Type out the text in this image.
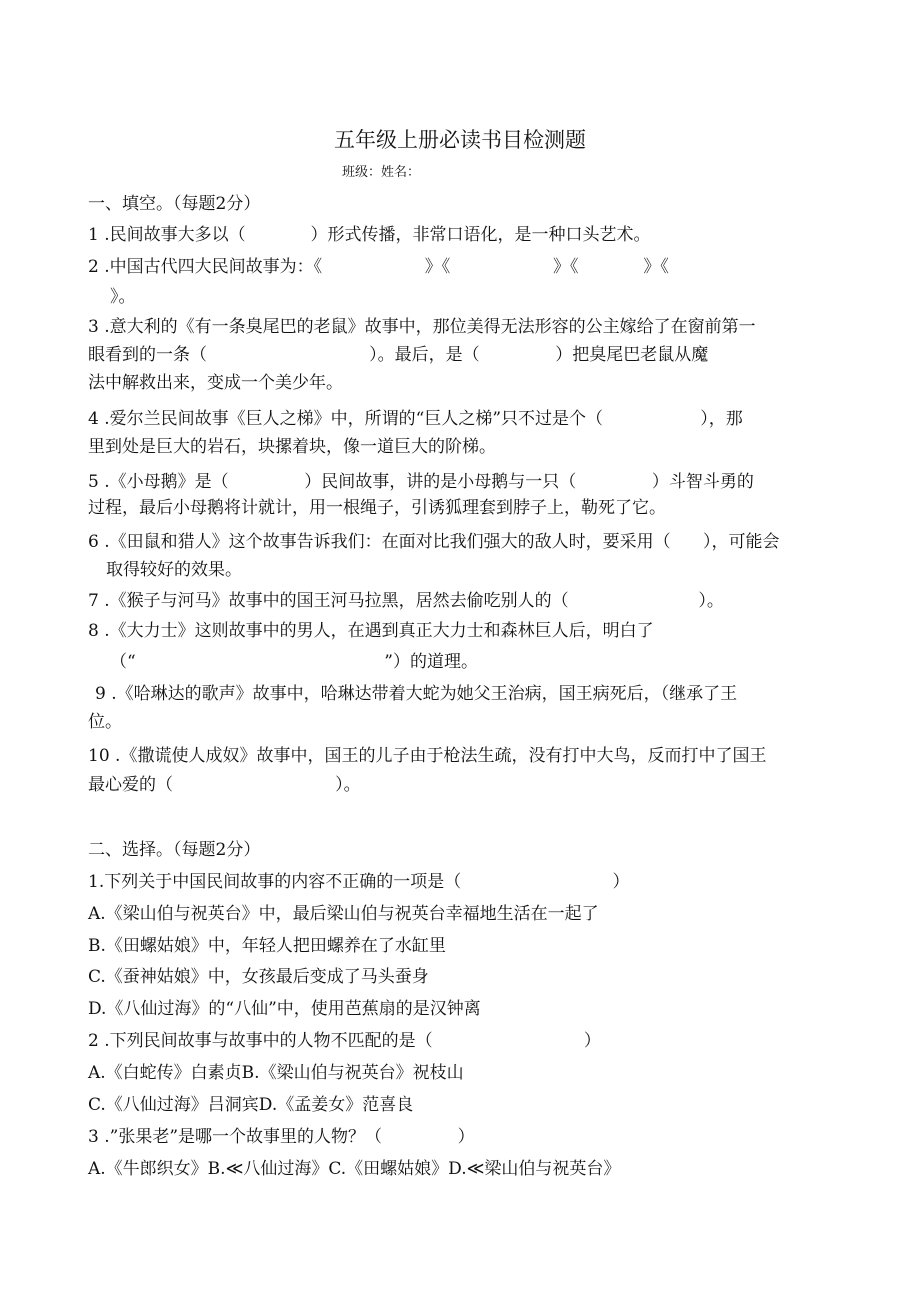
五年级上册必读书目检测题
班级：姓名：
一、填空。（每题2分）
1 .民间故事大多以（            ）形式传播，非常口语化，是一种口头艺术。
2 .中国古代四大民间故事为：《                   》《                   》《            》《
》。
3 .意大利的《有一条臭尾巴的老鼠》故事中，那位美得无法形容的公主嫁给了在窗前第一
眼看到的一条（                              ）。最后，是（              ）把臭尾巴老鼠从魔
法中解救出来，变成一个美少年。
4 .爱尔兰民间故事《巨人之梯》中，所谓的“巨人之梯”只不过是个（                  ），那
里到处是巨大的岩石，块摞着块，像一道巨大的阶梯。
5 .《小母鹅》是（              ）民间故事，讲的是小母鹅与一只（              ）斗智斗勇的
过程，最后小母鹅将计就计，用一根绳子，引诱狐理套到脖子上，勒死了它。
6 .《田鼠和猎人》这个故事告诉我们：在面对比我们强大的敌人时，要采用（      ），可能会
取得较好的效果。
7 .《猴子与河马》故事中的国王河马拉黑，居然去偷吃别人的（                        ）。
8 .《大力士》这则故事中的男人，在遇到真正大力士和森林巨人后，明白了
（“                                              ”）的道理。
9 .《哈琳达的歌声》故事中，哈琳达带着大蛇为她父王治病，国王病死后，（继承了王
位。
10 .《撒谎使人成奴》故事中，国王的儿子由于枪法生疏，没有打中大鸟，反而打中了国王
最心爱的（                              ）。
二、选择。（每题2分）
1.下列关于中国民间故事的内容不正确的一项是（                            ）
A.《梁山伯与祝英台》中，最后梁山伯与祝英台幸福地生活在一起了
B.《田螺姑娘》中，年轻人把田螺养在了水缸里
C.《蚕神姑娘》中，女孩最后变成了马头蚕身
D.《八仙过海》的“八仙”中，使用芭蕉扇的是汉钟离
2 .下列民间故事与故事中的人物不匹配的是（                            ）
A.《白蛇传》白素贞B.《梁山伯与祝英台》祝枝山
C.《八仙过海》吕洞宾D.《孟姜女》范喜良
3 .”张果老”是哪一个故事里的人物？（              ）
A.《牛郎织女》B.≪八仙过海》C.《田螺姑娘》D.≪梁山伯与祝英台》
